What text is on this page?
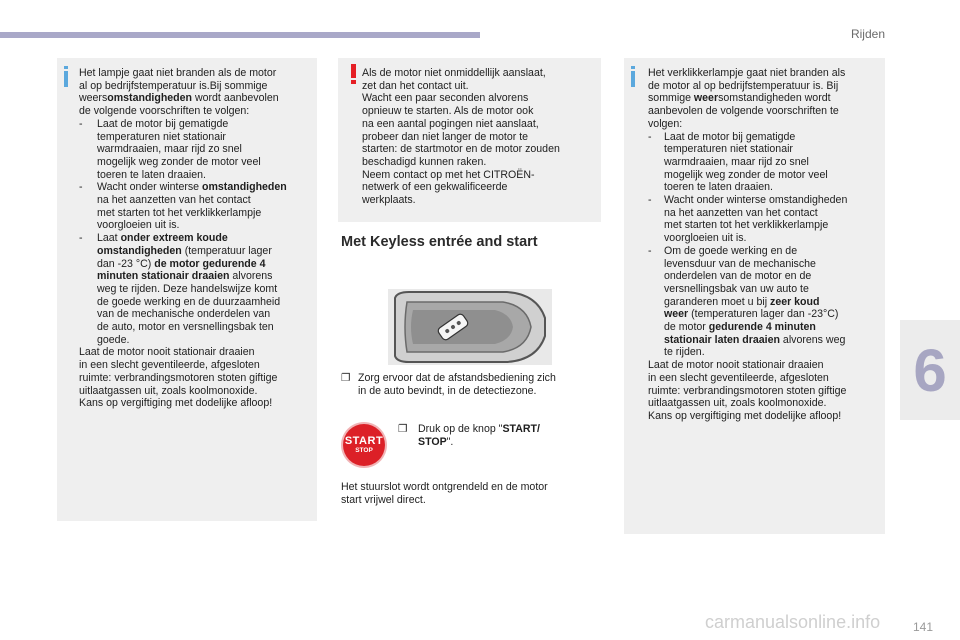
Rijden
6
Het lampje gaat niet branden als de motor
al op bedrijfstemperatuur is.Bij sommige
weersomstandigheden wordt aanbevolen
de volgende voorschriften te volgen:
-	Laat de motor bij gematigde
	temperaturen niet stationair
	warmdraaien, maar rijd zo snel
	mogelijk weg zonder de motor veel
	toeren te laten draaien.
-	Wacht onder winterse omstandigheden
	na het aanzetten van het contact
	met starten tot het verklikkerlampje
	voorgloeien uit is.
-	Laat onder extreem koude
	omstandigheden (temperatuur lager
	dan -23 °C) de motor gedurende 4
	minuten stationair draaien alvorens
	weg te rijden. Deze handelswijze komt
	de goede werking en de duurzaamheid
	van de mechanische onderdelen van
	de auto, motor en versnellingsbak ten
	goede.
Laat de motor nooit stationair draaien
in een slecht geventileerde, afgesloten
ruimte: verbrandingsmotoren stoten giftige
uitlaatgassen uit, zoals koolmonoxide.
Kans op vergiftiging met dodelijke afloop!
Als de motor niet onmiddellijk aanslaat,
zet dan het contact uit.
Wacht een paar seconden alvorens
opnieuw te starten. Als de motor ook
na een aantal pogingen niet aanslaat,
probeer dan niet langer de motor te
starten: de startmotor en de motor zouden
beschadigd kunnen raken.
Neem contact op met het CITROËN-
netwerk of een gekwalificeerde
werkplaats.
Met Keyless entrée and start
❐	Zorg ervoor dat de afstandsbediening zich
	in de auto bevindt, in de detectiezone.
START
STOP
❐	Druk op de knop "START/
	STOP".
Het stuurslot wordt ontgrendeld en de motor
start vrijwel direct.
Het verklikkerlampje gaat niet branden als
de motor al op bedrijfstemperatuur is. Bij
sommige weersomstandigheden wordt
aanbevolen de volgende voorschriften te
volgen:
-	Laat de motor bij gematigde
	temperaturen niet stationair
	warmdraaien, maar rijd zo snel
	mogelijk weg zonder de motor veel
	toeren te laten draaien.
-	Wacht onder winterse omstandigheden
	na het aanzetten van het contact
	met starten tot het verklikkerlampje
	voorgloeien uit is.
-	Om de goede werking en de
	levensduur van de mechanische
	onderdelen van de motor en de
	versnellingsbak van uw auto te
	garanderen moet u bij zeer koud
	weer (temperaturen lager dan -23°C)
	de motor gedurende 4 minuten
	stationair laten draaien alvorens weg
	te rijden.
Laat de motor nooit stationair draaien
in een slecht geventileerde, afgesloten
ruimte: verbrandingsmotoren stoten giftige
uitlaatgassen uit, zoals koolmonoxide.
Kans op vergiftiging met dodelijke afloop!
carmanualsonline.info	141
